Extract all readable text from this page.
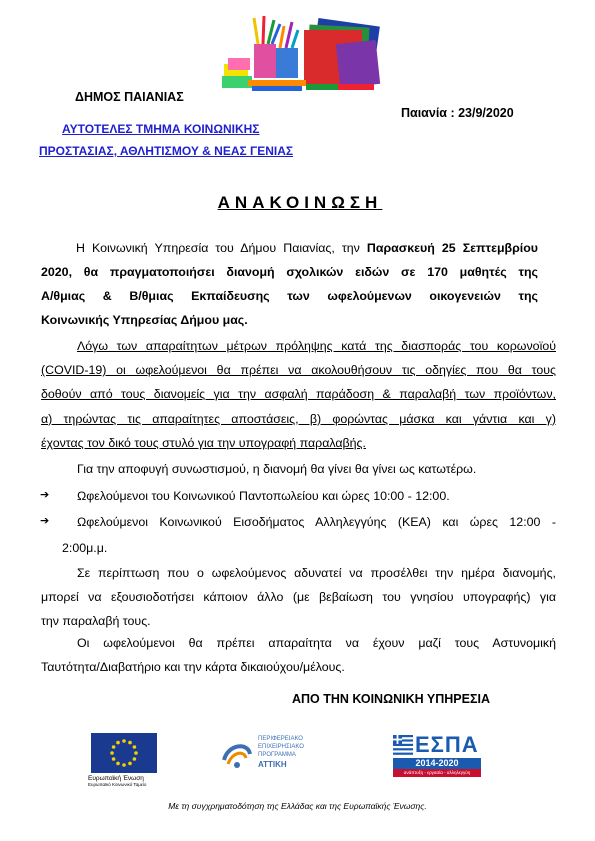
ΔΗΜΟΣ ΠΑΙΑΝΙΑΣ
Παιανία : 23/9/2020
ΑΥΤΟΤΕΛΕΣ ΤΜΗΜΑ ΚΟΙΝΩΝΙΚΗΣ
ΠΡΟΣΤΑΣΙΑΣ, ΑΘΛΗΤΙΣΜΟΥ & ΝΕΑΣ ΓΕΝΙΑΣ
ΑΝΑΚΟΙΝΩΣΗ
Η Κοινωνική Υπηρεσία του Δήμου Παιανίας, την Παρασκευή 25 Σεπτεμβρίου
2020, θα πραγματοποιήσει διανομή σχολικών ειδών σε 170 μαθητές της
Α/θμιας & Β/θμιας Εκπαίδευσης των ωφελούμενων οικογενειών της
Κοινωνικής Υπηρεσίας Δήμου μας.
Λόγω των απαραίτητων μέτρων πρόληψης κατά της διασποράς του κορωνοϊού
(COVID-19) οι ωφελούμενοι θα πρέπει να ακολουθήσουν τις οδηγίες που θα τους
δοθούν από τους διανομείς για την ασφαλή παράδοση & παραλαβή των προϊόντων,
α) τηρώντας τις απαραίτητες αποστάσεις, β) φορώντας μάσκα και γάντια και γ)
έχοντας τον δικό τους στυλό για την υπογραφή παραλαβής.
Για την αποφυγή συνωστισμού, η διανομή θα γίνει θα γίνει ως κατωτέρω.
➔ Ωφελούμενοι του Κοινωνικού Παντοπωλείου και ώρες 10:00 - 12:00.
➔ Ωφελούμενοι Κοινωνικού Εισοδήματος Αλληλεγγύης (ΚΕΑ) και ώρες 12:00 -
2:00μ.μ.
Σε περίπτωση που ο ωφελούμενος αδυνατεί να προσέλθει την ημέρα διανομής,
μπορεί να εξουσιοδοτήσει κάποιον άλλο (με βεβαίωση του γνησίου υπογραφής) για
την παραλαβή τους.
Οι ωφελούμενοι θα πρέπει απαραίτητα να έχουν μαζί τους Αστυνομική
Ταυτότητα/Διαβατήριο και την κάρτα δικαιούχου/μέλους.
ΑΠΟ ΤΗΝ ΚΟΙΝΩΝΙΚΗ ΥΠΗΡΕΣΙΑ
Ευρωπαϊκή Ένωση
Ευρωπαϊκό Κοινωνικό Ταμείο
ΠΕΡΙΦΕΡΕΙΑΚΟ
ΕΠΙΧΕΙΡΗΣΙΑΚΟ
ΠΡΟΓΡΑΜΜΑ
ΑΤΤΙΚΗ
ΕΣΠΑ
2014-2020
ανάπτυξη - εργασία - αλληλεγγύη
Με τη συγχρηματοδότηση της Ελλάδας και της Ευρωπαϊκής Ένωσης.
